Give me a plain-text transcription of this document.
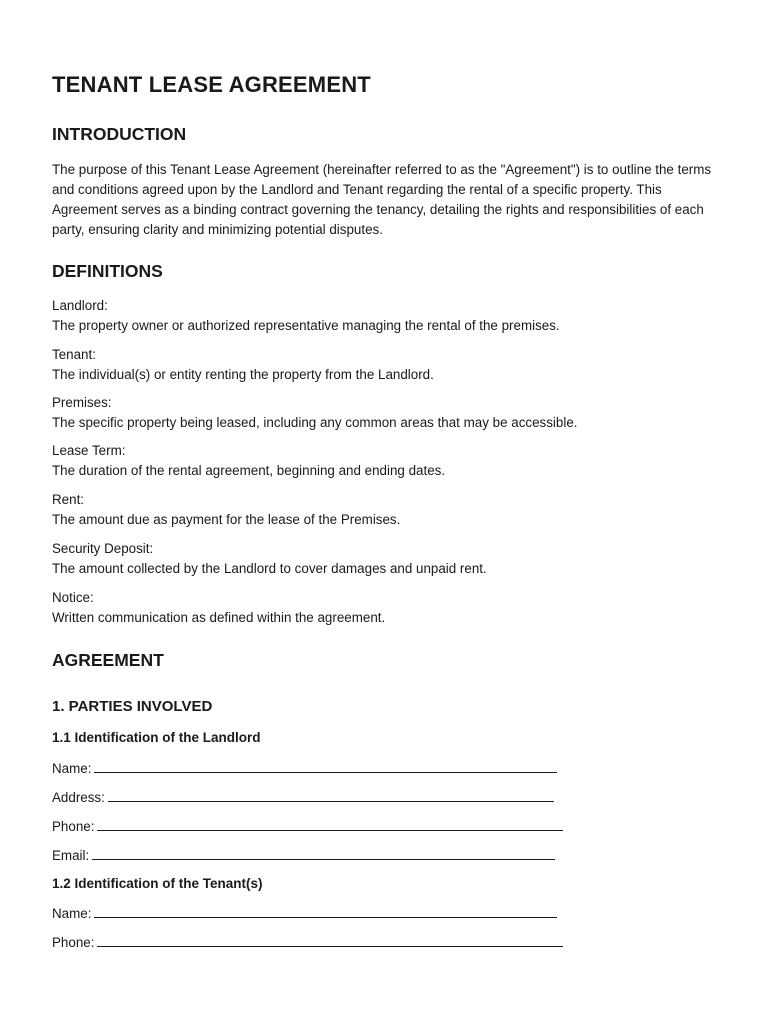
TENANT LEASE AGREEMENT
INTRODUCTION

The purpose of this Tenant Lease Agreement (hereinafter referred to as the "Agreement") is to outline the terms and conditions agreed upon by the Landlord and Tenant regarding the rental of a specific property. This Agreement serves as a binding contract governing the tenancy, detailing the rights and responsibilities of each party, ensuring clarity and minimizing potential disputes.

DEFINITIONS
Landlord:
The property owner or authorized representative managing the rental of the premises.
Tenant:
The individual(s) or entity renting the property from the Landlord.
Premises:
The specific property being leased, including any common areas that may be accessible.
Lease Term:
The duration of the rental agreement, beginning and ending dates.
Rent:
The amount due as payment for the lease of the Premises.
Security Deposit:
The amount collected by the Landlord to cover damages and unpaid rent.
Notice:
Written communication as defined within the agreement.
AGREEMENT
1. PARTIES INVOLVED
1.1 Identification of the Landlord
Name:
Address:
Phone:
Email:
1.2 Identification of the Tenant(s)
Name:
Phone:
